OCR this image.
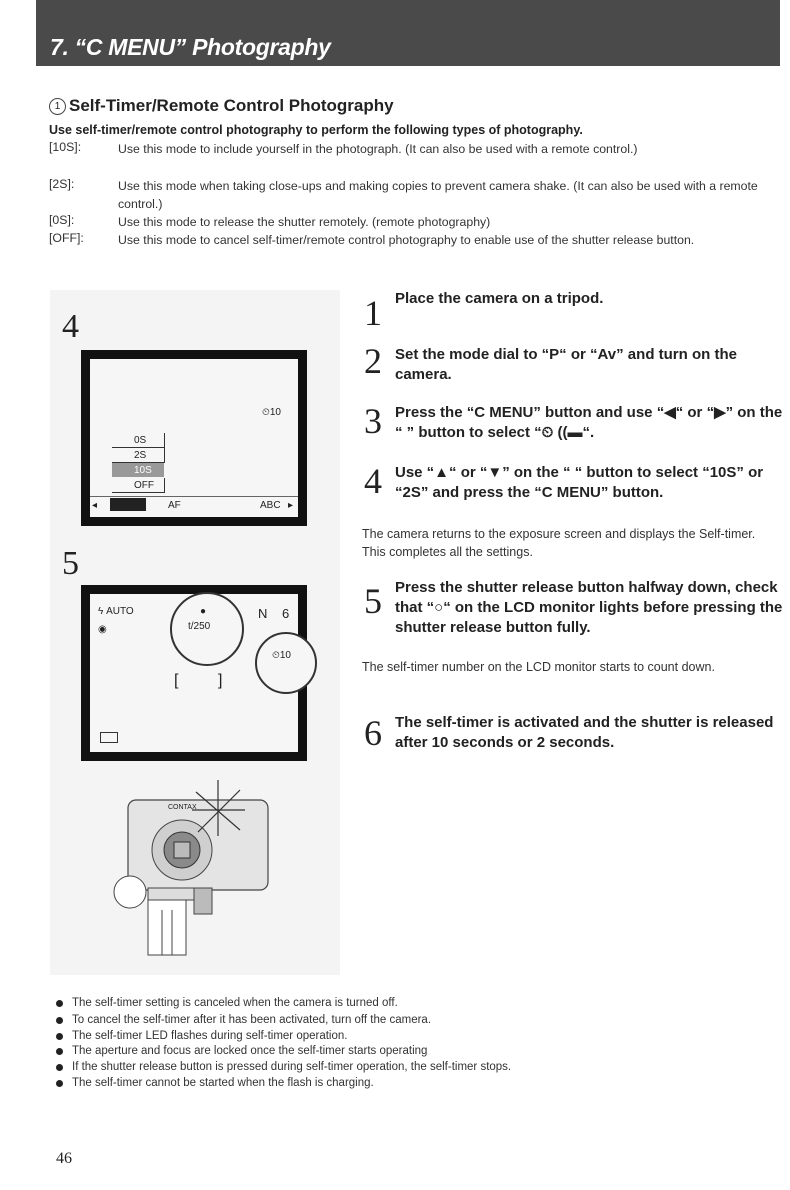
7. “C MENU” Photography
1 Self-Timer/Remote Control Photography
Use self-timer/remote control photography to perform the following types of photography.
[10S]:	Use this mode to include yourself in the photograph. (It can also be used with a remote control.)
[2S]:	Use this mode when taking close-ups and making copies to prevent camera shake. (It can also be used with a remote control.)
[0S]:	Use this mode to release the shutter remotely. (remote photography)
[OFF]:	Use this mode to cancel self-timer/remote control photography to enable use of the shutter release button.
4
⏲10
0S
2S
10S
OFF
◂	AF	ABC ▸
5
ϟ AUTO
◉
●
t/250
N 6
⏲10
[ ]
CONTAX
1 Place the camera on a tripod.
2 Set the mode dial to “P“ or “Av” and turn on the camera.
3 Press the “C MENU” button and use “◀“ or “▶” on the “ ” button to select “⏲ ((▬“.
4 Use “▲“ or “▼” on the “ “ button to select “10S” or “2S” and press the “C MENU” button.
The camera returns to the exposure screen and displays the Self-timer. This completes all the settings.
5 Press the shutter release button halfway down, check that “○“ on the LCD monitor lights before pressing the shutter release button fully.
The self-timer number on the LCD monitor starts to count down.
6 The self-timer is activated and the shutter is released after 10 seconds or 2 seconds.
The self-timer setting is canceled when the camera is turned off.
To cancel the self-timer after it has been activated, turn off the camera.
The self-timer LED flashes during self-timer operation.
The aperture and focus are locked once the self-timer starts operating
If the shutter release button is pressed during self-timer operation, the self-timer stops.
The self-timer cannot be started when the flash is charging.
46
